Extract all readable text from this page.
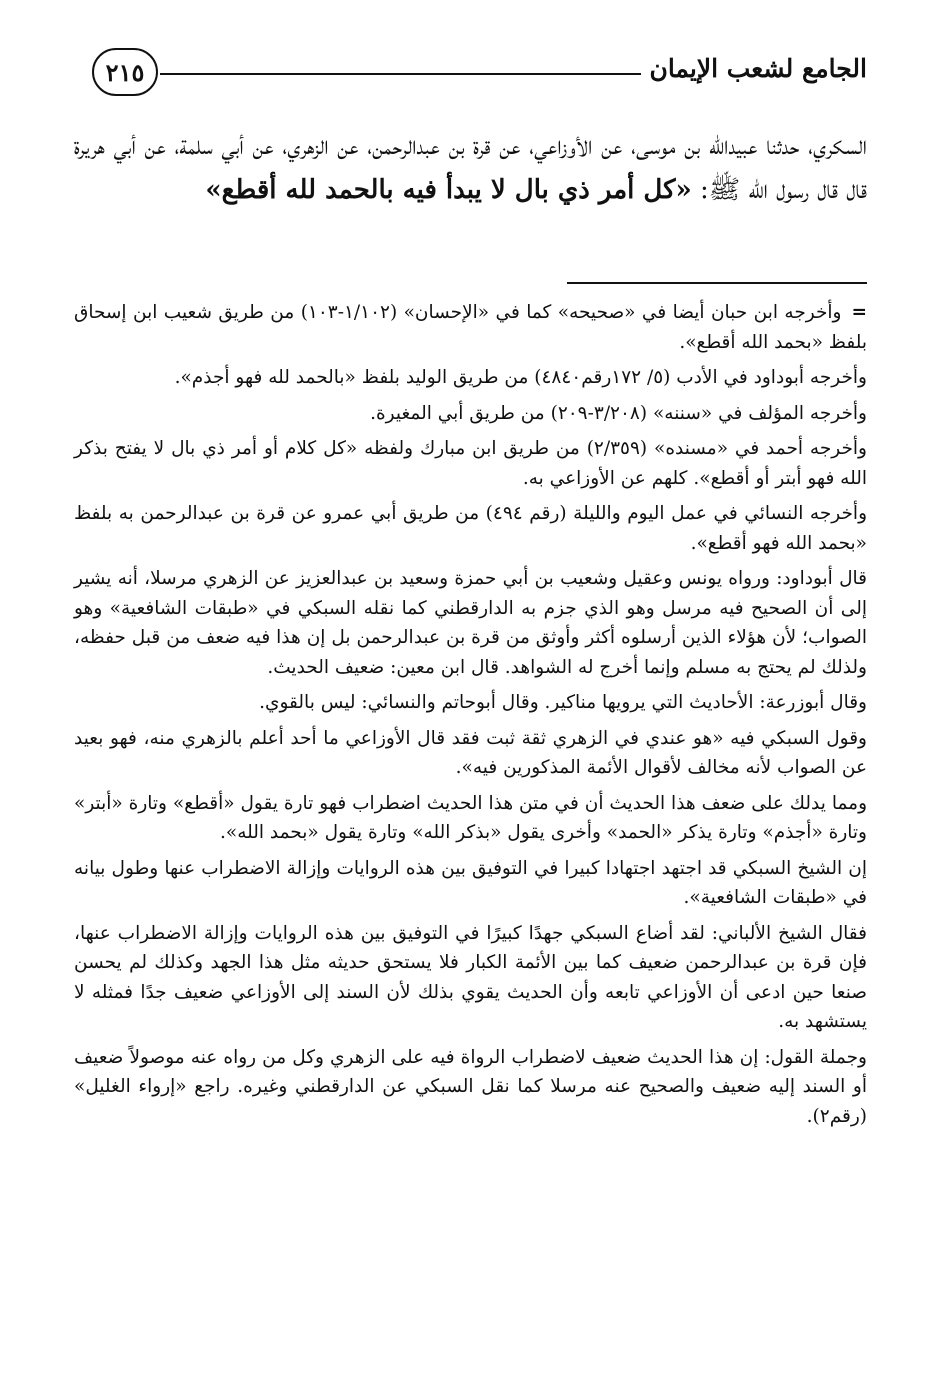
الجامع لشعب الإيمان
٢١٥
السكري، حدثنا عبيدالله بن موسى، عن الأوزاعي، عن قرة بن عبدالرحمن، عن الزهري، عن أبي سلمة، عن أبي هريرة قال قال رسول الله ﷺ: «كل أمر ذي بال لا يبدأ فيه بالحمد لله أقطع»

=وأخرجه ابن حبان أيضا في «صحيحه» كما في «الإحسان» (١/١٠٢-١٠٣) من طريق شعيب ابن إسحاق بلفظ «بحمد الله أقطع».

وأخرجه أبوداود في الأدب (٥/ ١٧٢رقم٤٨٤٠) من طريق الوليد بلفظ «بالحمد لله فهو أجذم».

وأخرجه المؤلف في «سننه» (٣/٢٠٨-٢٠٩) من طريق أبي المغيرة.

وأخرجه أحمد في «مسنده» (٢/٣٥٩) من طريق ابن مبارك ولفظه «كل كلام أو أمر ذي بال لا يفتح بذكر الله فهو أبتر أو أقطع». كلهم عن الأوزاعي به.

وأخرجه النسائي في عمل اليوم والليلة (رقم ٤٩٤) من طريق أبي عمرو عن قرة بن عبدالرحمن به بلفظ «بحمد الله فهو أقطع».

قال أبوداود: ورواه يونس وعقيل وشعيب بن أبي حمزة وسعيد بن عبدالعزيز عن الزهري مرسلا، أنه يشير إلى أن الصحيح فيه مرسل وهو الذي جزم به الدارقطني كما نقله السبكي في «طبقات الشافعية» وهو الصواب؛ لأن هؤلاء الذين أرسلوه أكثر وأوثق من قرة بن عبدالرحمن بل إن هذا فيه ضعف من قبل حفظه، ولذلك لم يحتج به مسلم وإنما أخرج له الشواهد. قال ابن معين: ضعيف الحديث.

وقال أبوزرعة: الأحاديث التي يرويها مناكير. وقال أبوحاتم والنسائي: ليس بالقوي.

وقول السبكي فيه «هو عندي في الزهري ثقة ثبت فقد قال الأوزاعي ما أحد أعلم بالزهري منه، فهو بعيد عن الصواب لأنه مخالف لأقوال الأئمة المذكورين فيه».

ومما يدلك على ضعف هذا الحديث أن في متن هذا الحديث اضطراب فهو تارة يقول «أقطع» وتارة «أبتر» وتارة «أجذم» وتارة يذكر «الحمد» وأخرى يقول «بذكر الله» وتارة يقول «بحمد الله».

إن الشيخ السبكي قد اجتهد اجتهادا كبيرا في التوفيق بين هذه الروايات وإزالة الاضطراب عنها وطول بيانه في «طبقات الشافعية».

فقال الشيخ الألباني: لقد أضاع السبكي جهدًا كبيرًا في التوفيق بين هذه الروايات وإزالة الاضطراب عنها، فإن قرة بن عبدالرحمن ضعيف كما بين الأئمة الكبار فلا يستحق حديثه مثل هذا الجهد وكذلك لم يحسن صنعا حين ادعى أن الأوزاعي تابعه وأن الحديث يقوي بذلك لأن السند إلى الأوزاعي ضعيف جدًا فمثله لا يستشهد به.

وجملة القول: إن هذا الحديث ضعيف لاضطراب الرواة فيه على الزهري وكل من رواه عنه موصولاً ضعيف أو السند إليه ضعيف والصحيح عنه مرسلا كما نقل السبكي عن الدارقطني وغيره. راجع «إرواء الغليل» (رقم٢).
